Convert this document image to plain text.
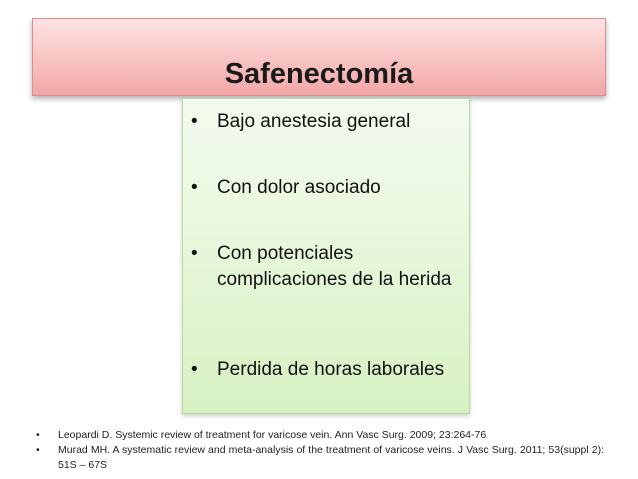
Safenectomía
•	Bajo anestesia general
•	Con dolor asociado
•	Con potenciales complicaciones de la herida
•	Perdida de horas laborales
• Leopardi D. Systemic review of treatment for varicose vein. Ann Vasc Surg. 2009; 23:264-76
• Murad MH. A systematic review and meta-analysis of the treatment of varicose veins. J Vasc Surg. 2011; 53(suppl 2): 51S – 67S
